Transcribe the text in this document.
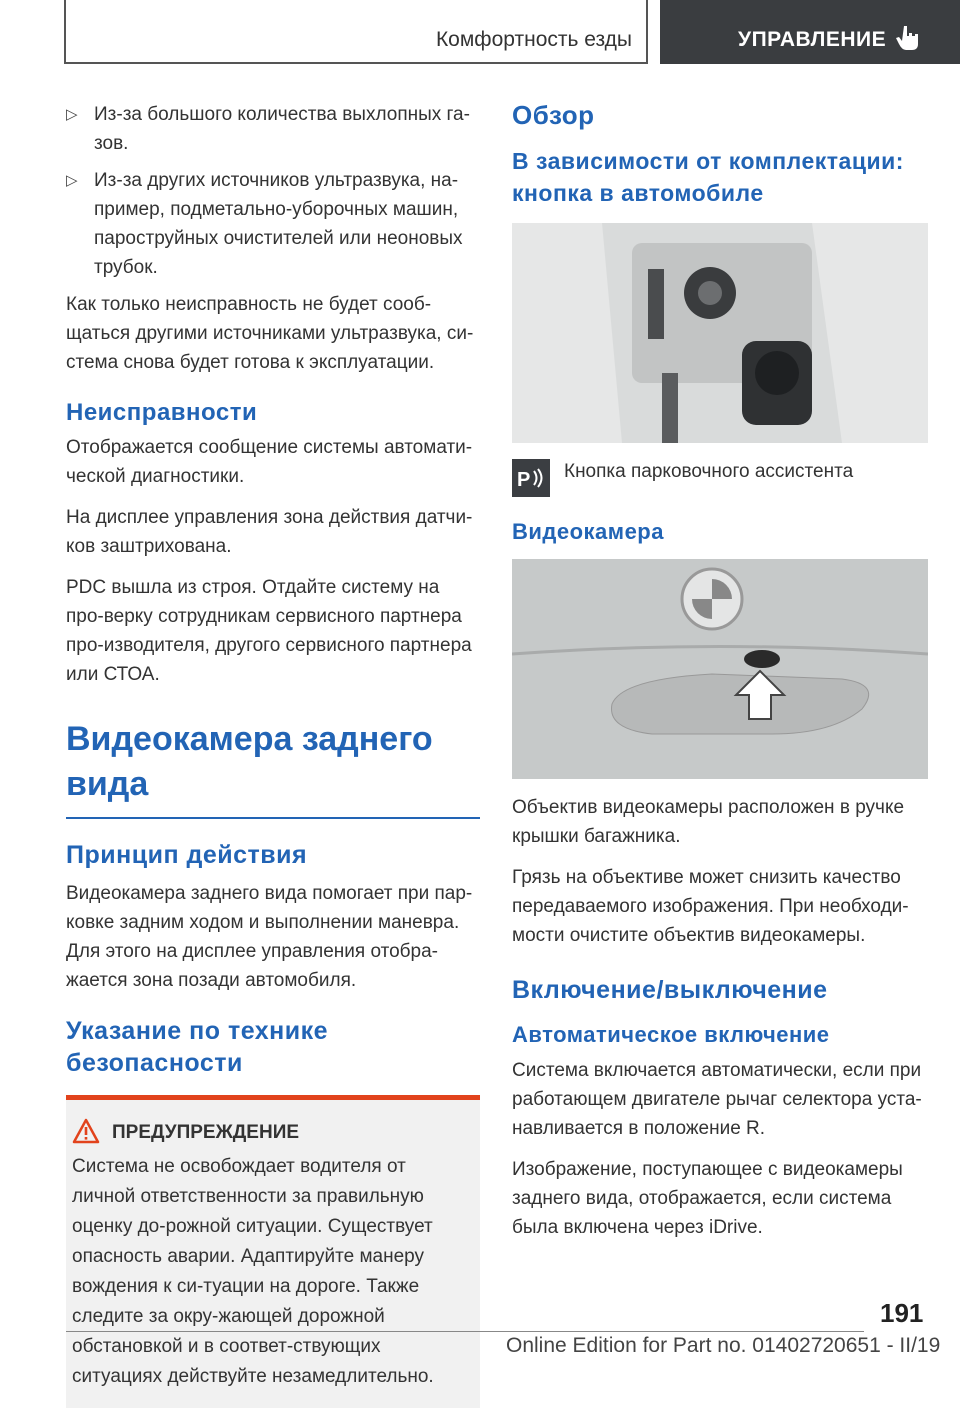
Комфортность езды	УПРАВЛЕНИЕ

▷ Из-за большого количества выхлопных га-зов.

▷ Из-за других источников ультразвука, на-пример, подметально-уборочных машин, пароструйных очистителей или неоновых трубок.

Как только неисправность не будет сооб-щаться другими источниками ультразвука, си-стема снова будет готова к эксплуатации.

Неисправности

Отображается сообщение системы автомати-ческой диагностики.

На дисплее управления зона действия датчи-ков заштрихована.

PDC вышла из строя. Отдайте систему на про-верку сотрудникам сервисного партнера про-изводителя, другого сервисного партнера или СТОА.

Видеокамера заднего вида
Принцип действия

Видеокамера заднего вида помогает при пар-ковке задним ходом и выполнении маневра. Для этого на дисплее управления отобра-жается зона позади автомобиля.

Указание по технике безопасности
ПРЕДУПРЕЖДЕНИЕ

Система не освобождает водителя от личной ответственности за правильную оценку до-рожной ситуации. Существует опасность аварии. Адаптируйте манеру вождения к си-туации на дороге. Также следите за окру-жающей дорожной обстановкой и в соответ-ствующих ситуациях действуйте незамедлительно.

Обзор
В зависимости от комплектации: кнопка в автомобиле
P Кнопка парковочного ассистента

Видеокамера

Объектив видеокамеры расположен в ручке крышки багажника.

Грязь на объективе может снизить качество передаваемого изображения. При необходи-мости очистите объектив видеокамеры.

Включение/выключение
Автоматическое включение

Система включается автоматически, если при работающем двигателе рычаг селектора уста-навливается в положение R.

Изображение, поступающее с видеокамеры заднего вида, отображается, если система была включена через iDrive.

191
Online Edition for Part no. 01402720651 - II/19
